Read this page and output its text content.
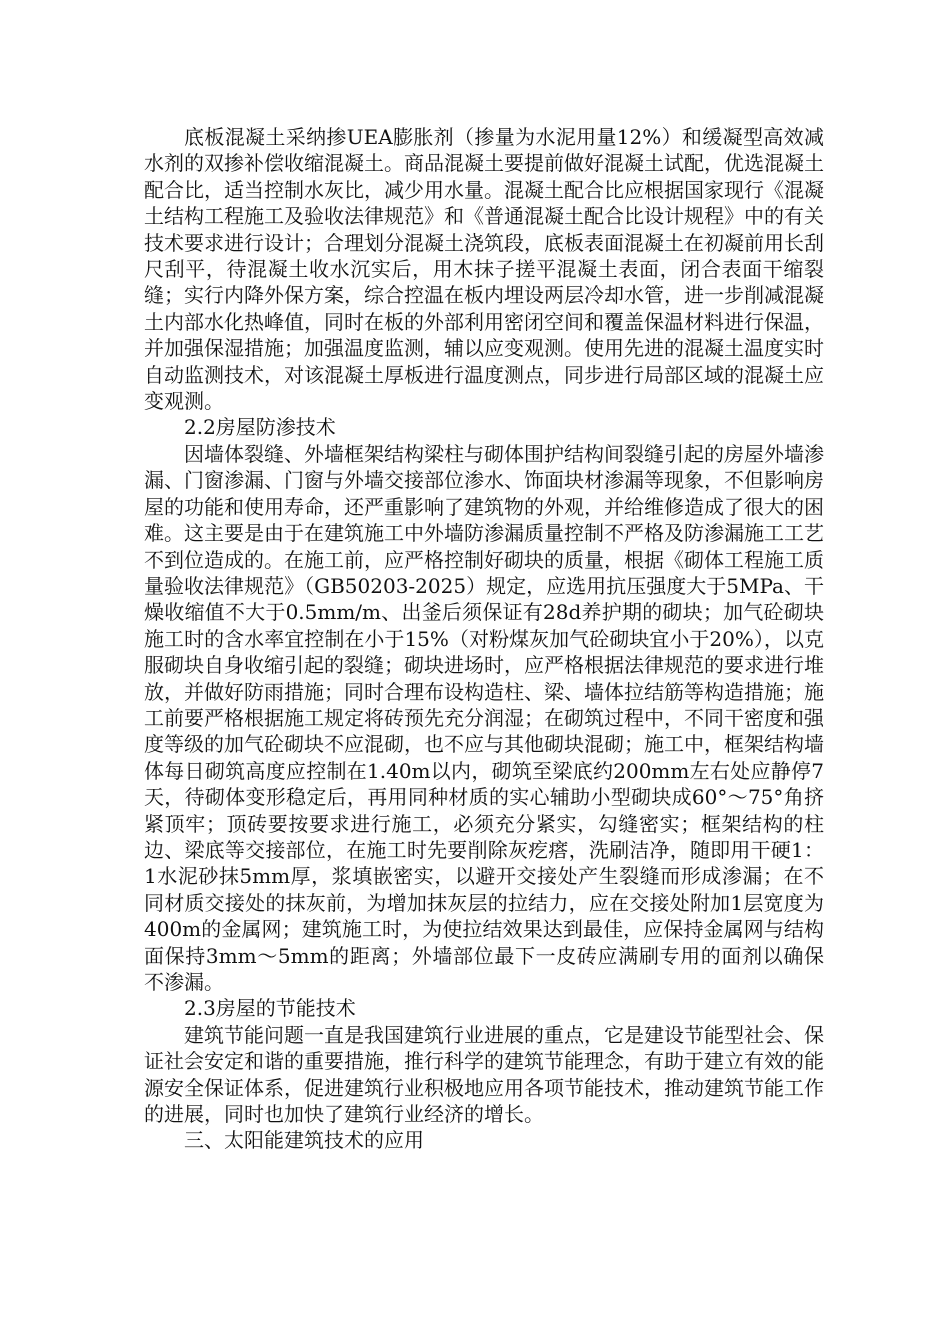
底板混凝土采纳掺UEA膨胀剂（掺量为水泥用量12%）和缓凝型高效减水剂的双掺补偿收缩混凝土。商品混凝土要提前做好混凝土试配，优选混凝土配合比，适当控制水灰比，减少用水量。混凝土配合比应根据国家现行《混凝土结构工程施工及验收法律规范》和《普通混凝土配合比设计规程》中的有关技术要求进行设计；合理划分混凝土浇筑段，底板表面混凝土在初凝前用长刮尺刮平，待混凝土收水沉实后，用木抹子搓平混凝土表面，闭合表面干缩裂缝；实行内降外保方案，综合控温在板内埋设两层冷却水管，进一步削减混凝土内部水化热峰值，同时在板的外部利用密闭空间和覆盖保温材料进行保温，并加强保湿措施；加强温度监测，辅以应变观测。使用先进的混凝土温度实时自动监测技术，对该混凝土厚板进行温度测点，同步进行局部区域的混凝土应变观测。

2.2房屋防渗技术

因墙体裂缝、外墙框架结构梁柱与砌体围护结构间裂缝引起的房屋外墙渗漏、门窗渗漏、门窗与外墙交接部位渗水、饰面块材渗漏等现象，不但影响房屋的功能和使用寿命，还严重影响了建筑物的外观，并给维修造成了很大的困难。这主要是由于在建筑施工中外墙防渗漏质量控制不严格及防渗漏施工工艺不到位造成的。在施工前，应严格控制好砌块的质量，根据《砌体工程施工质量验收法律规范》（GB50203-2025）规定，应选用抗压强度大于5MPa、干燥收缩值不大于0.5mm/m、出釜后须保证有28d养护期的砌块；加气砼砌块施工时的含水率宜控制在小于15%（对粉煤灰加气砼砌块宜小于20%），以克服砌块自身收缩引起的裂缝；砌块进场时，应严格根据法律规范的要求进行堆放，并做好防雨措施；同时合理布设构造柱、梁、墙体拉结筋等构造措施；施工前要严格根据施工规定将砖预先充分润湿；在砌筑过程中，不同干密度和强度等级的加气砼砌块不应混砌，也不应与其他砌块混砌；施工中，框架结构墙体每日砌筑高度应控制在1.40m以内，砌筑至梁底约200mm左右处应静停7天，待砌体变形稳定后，再用同种材质的实心辅助小型砌块成60°～75°角挤紧顶牢；顶砖要按要求进行施工，必须充分紧实，勾缝密实；框架结构的柱边、梁底等交接部位，在施工时先要削除灰疙瘩，洗刷洁净，随即用干硬1：1水泥砂抹5mm厚，浆填嵌密实，以避开交接处产生裂缝而形成渗漏；在不同材质交接处的抹灰前，为增加抹灰层的拉结力，应在交接处附加1层宽度为400m的金属网；建筑施工时，为使拉结效果达到最佳，应保持金属网与结构面保持3mm～5mm的距离；外墙部位最下一皮砖应满刷专用的面剂以确保不渗漏。

2.3房屋的节能技术

建筑节能问题一直是我国建筑行业进展的重点，它是建设节能型社会、保证社会安定和谐的重要措施，推行科学的建筑节能理念，有助于建立有效的能源安全保证体系，促进建筑行业积极地应用各项节能技术，推动建筑节能工作的进展，同时也加快了建筑行业经济的增长。

三、太阳能建筑技术的应用
